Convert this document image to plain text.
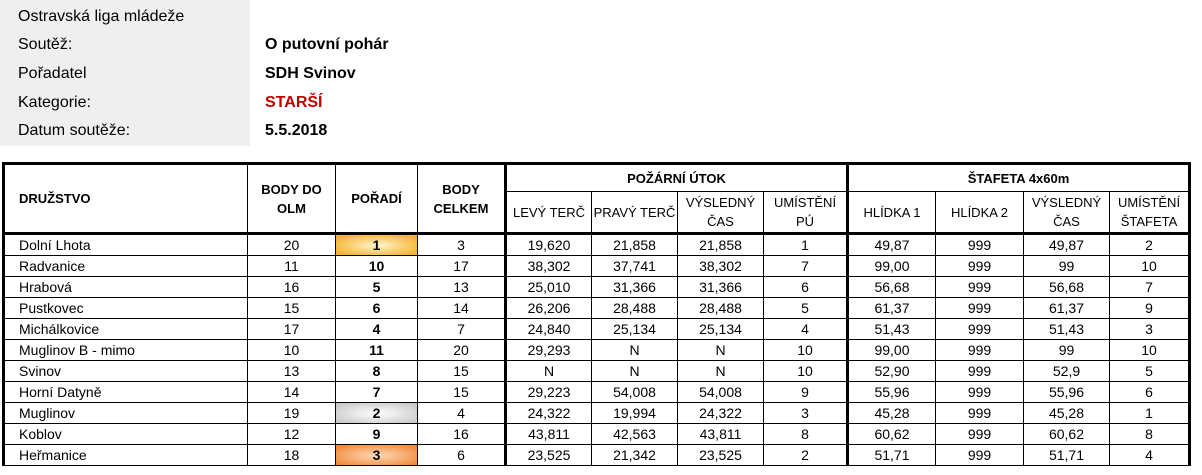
Ostravská liga mládeže
Soutěž:	O putovní pohár
Pořadatel	SDH Svinov
Kategorie:	STARŠÍ
Datum soutěže:	5.5.2018
DRUŽSTVO	BODY DO OLM	POŘADÍ	BODY CELKEM	POŽÁRNÍ ÚTOK				ŠTAFETA 4x60m			
				LEVÝ TERČ	PRAVÝ TERČ	VÝSLEDNÝ ČAS	UMÍSTĚNÍ PÚ	HLÍDKA 1	HLÍDKA 2	VÝSLEDNÝ ČAS	UMÍSTĚNÍ ŠTAFETA
Dolní Lhota	20	1	3	19,620	21,858	21,858	1	49,87	999	49,87	2
Radvanice	11	10	17	38,302	37,741	38,302	7	99,00	999	99	10
Hrabová	16	5	13	25,010	31,366	31,366	6	56,68	999	56,68	7
Pustkovec	15	6	14	26,206	28,488	28,488	5	61,37	999	61,37	9
Michálkovice	17	4	7	24,840	25,134	25,134	4	51,43	999	51,43	3
Muglinov B - mimo	10	11	20	29,293	N	N	10	99,00	999	99	10
Svinov	13	8	15	N	N	N	10	52,90	999	52,9	5
Horní Datyně	14	7	15	29,223	54,008	54,008	9	55,96	999	55,96	6
Muglinov	19	2	4	24,322	19,994	24,322	3	45,28	999	45,28	1
Koblov	12	9	16	43,811	42,563	43,811	8	60,62	999	60,62	8
Heřmanice	18	3	6	23,525	21,342	23,525	2	51,71	999	51,71	4
